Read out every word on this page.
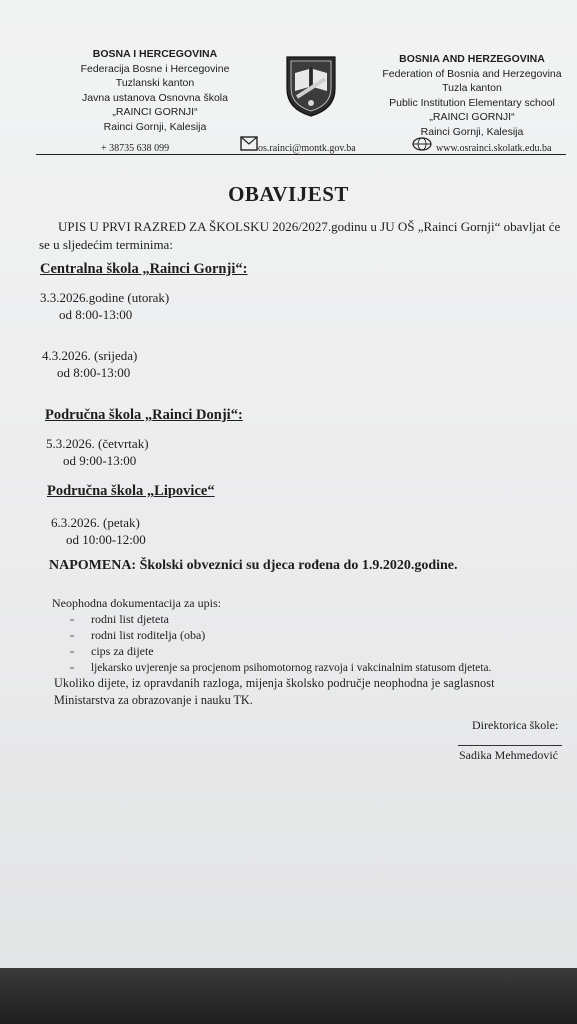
BOSNA I HERCEGOVINA
Federacija Bosne i Hercegovine
Tuzlanski kanton
Javna ustanova Osnovna škola
„RAINCI GORNJI“
Rainci Gornji, Kalesija
BOSNIA AND HERZEGOVINA
Federation of Bosnia and Herzegovina
Tuzla kanton
Public Institution Elementary school
„RAINCI GORNJI“
Rainci Gornji, Kalesija
+ 38735 638 099	os.rainci@montk.gov.ba	www.osrainci.skolatk.edu.ba
OBAVIJEST
UPIS U PRVI RAZRED ZA ŠKOLSKU 2026/2027.godinu u JU OŠ „Rainci Gornji“ obavljat će
se u sljedećim terminima:
Centralna škola „Rainci Gornji“:
3.3.2026.godine (utorak)
od 8:00-13:00
4.3.2026. (srijeda)
od 8:00-13:00
Područna škola „Rainci Donji“:
5.3.2026. (četvrtak)
od 9:00-13:00
Područna škola „Lipovice“
6.3.2026. (petak)
od 10:00-12:00
NAPOMENA: Školski obveznici su djeca rođena do 1.9.2020.godine.
Neophodna dokumentacija za upis:
- rodni list djeteta
- rodni list roditelja (oba)
- cips za dijete
- ljekarsko uvjerenje sa procjenom psihomotornog razvoja i vakcinalnim statusom djeteta.
Ukoliko dijete, iz opravdanih razloga, mijenja školsko područje neophodna je saglasnost
Ministarstva za obrazovanje i nauku TK.
Direktorica škole:
Sadika Mehmedović
